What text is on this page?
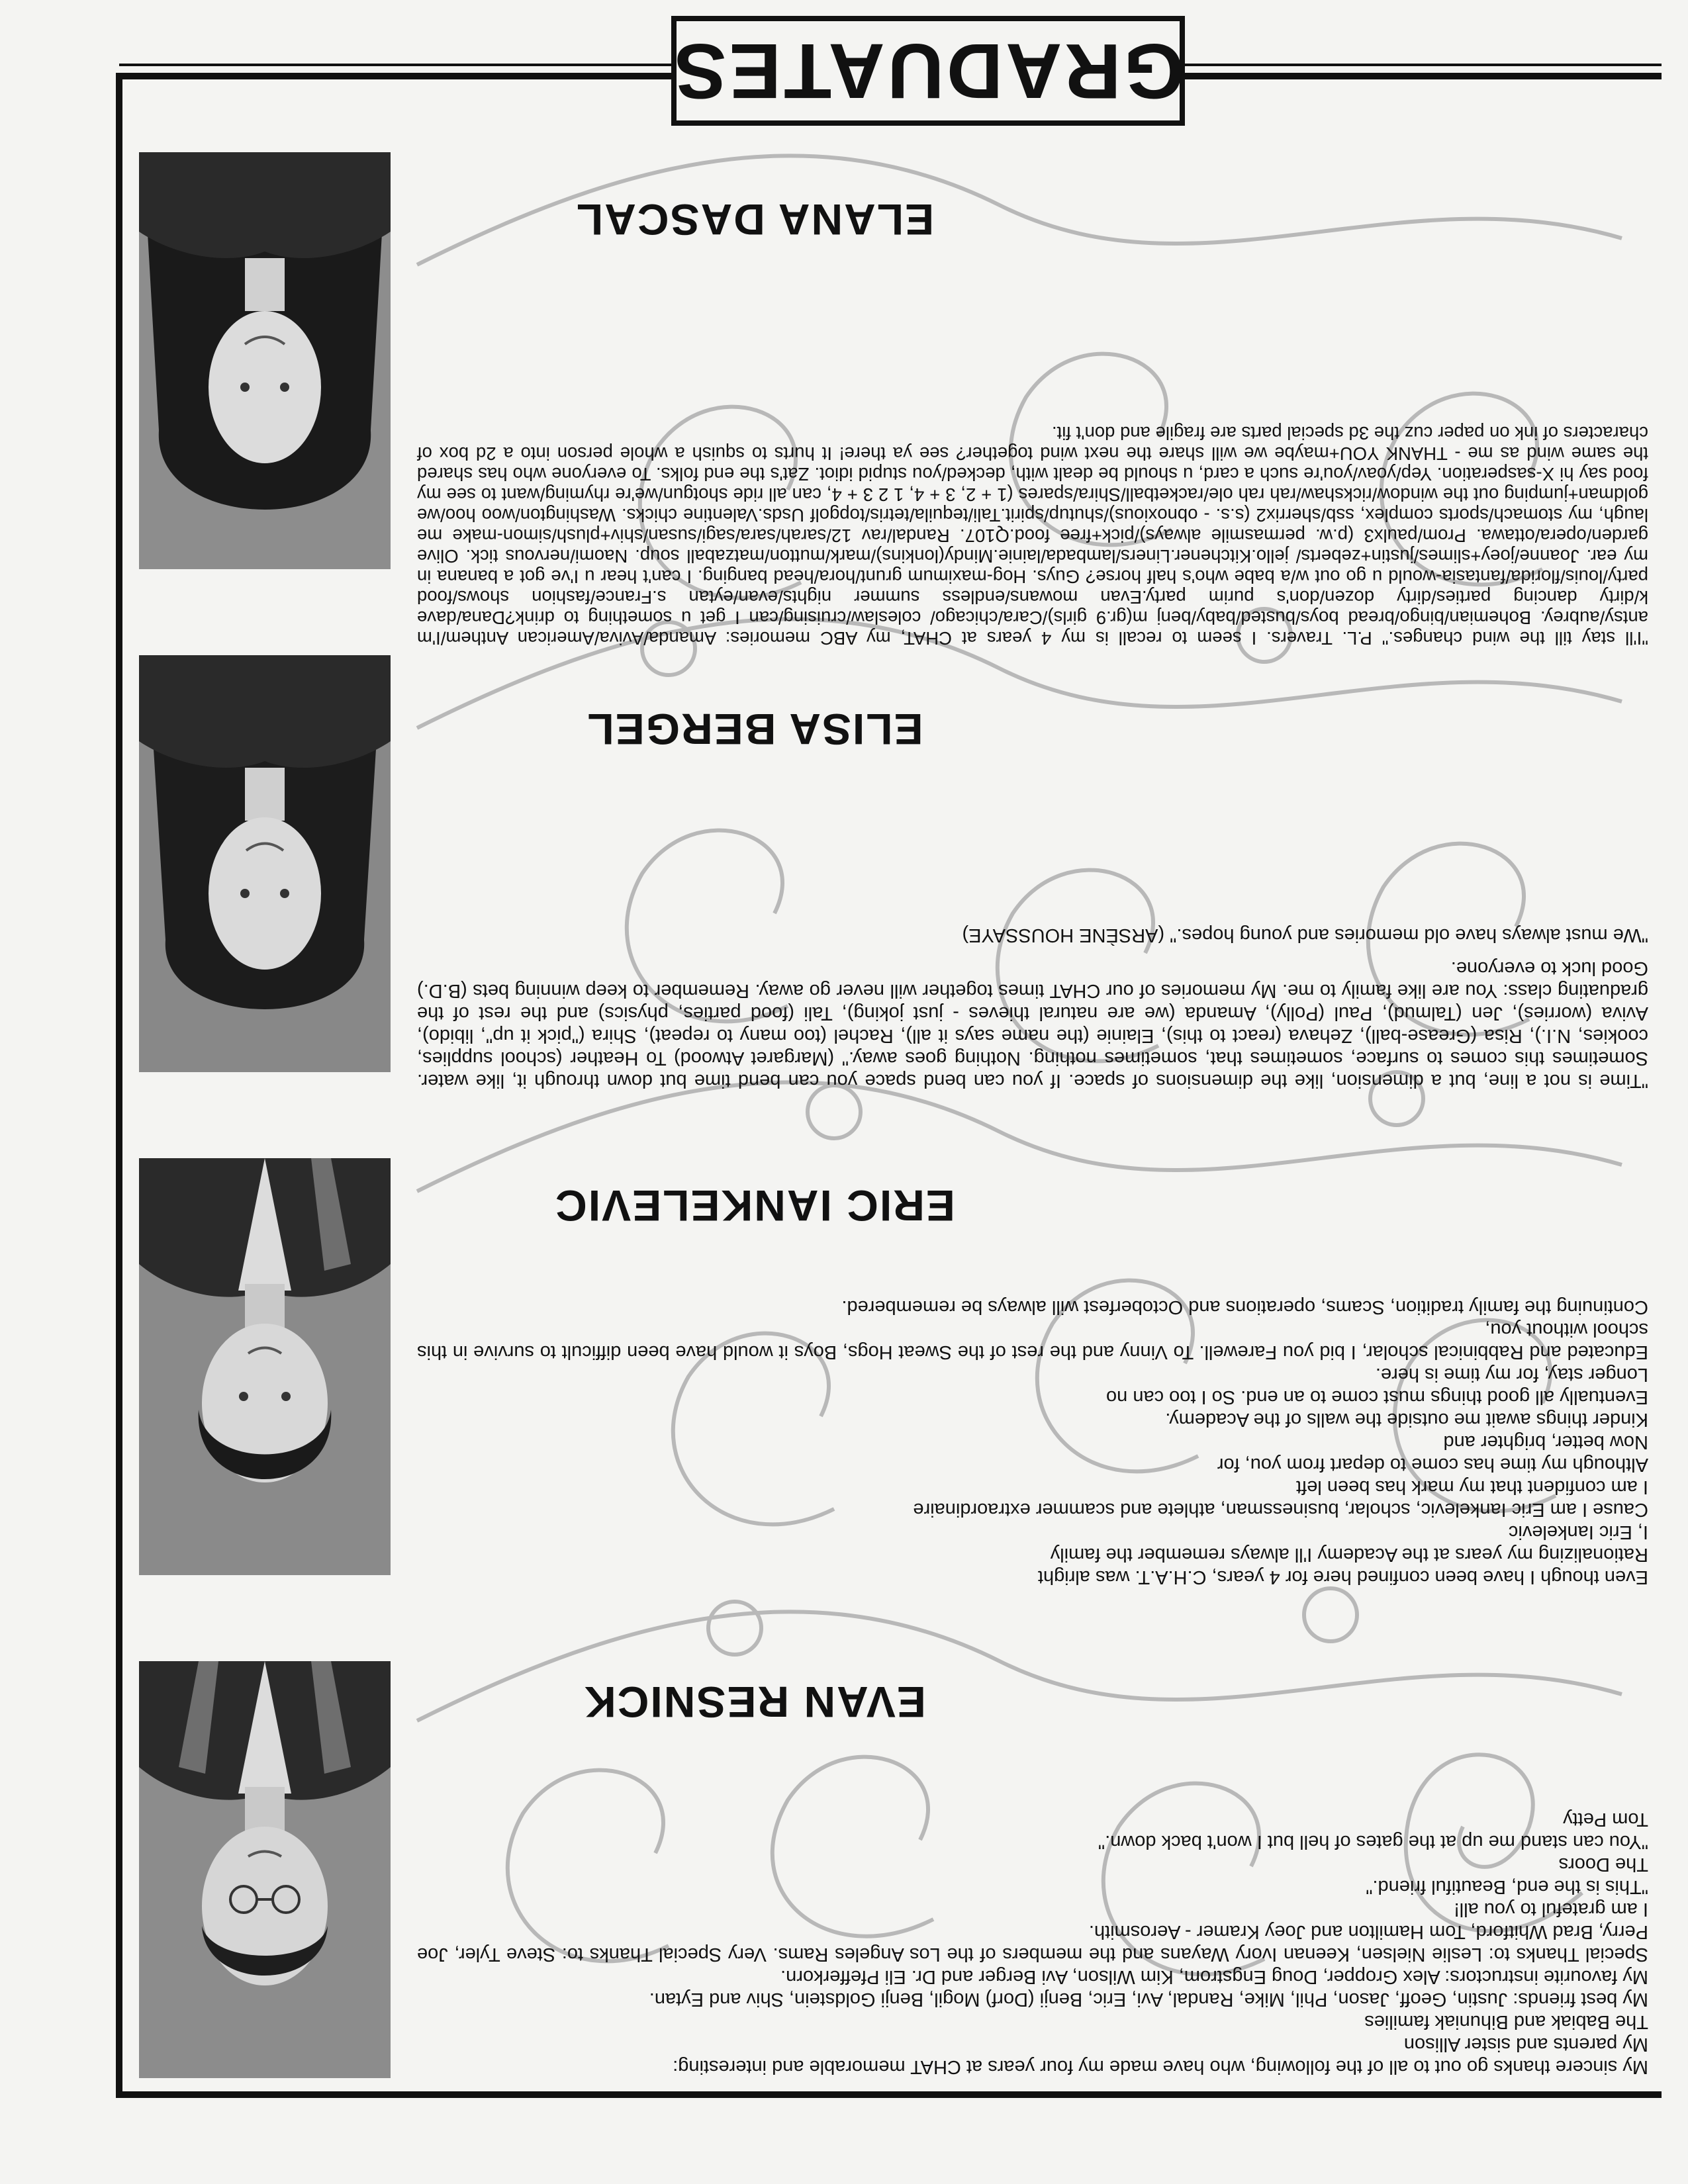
GRADUATES

My sincere thanks go out to all of the following, who have made my four years at CHAT memorable and interesting:

My parents and sister Allison

The Babiak and Bihuniak families

My best friends: Justin, Geoff, Jason, Phil, Mike, Randal, Avi, Eric, Benji (Dorf) Mogil, Benji Goldstein, Shiv and Eytan.

My favourite instructors: Alex Gropper, Doug Engstrom, Kim Wilson, Avi Berger and Dr. Eli Pfefferkorn.

Special Thanks to: Leslie Nielsen, Keenan Ivory Wayans and the members of the Los Angeles Rams. Very Special Thanks to: Steve Tyler, Joe Perry, Brad Whitford, Tom Hamilton and Joey Kramer - Aerosmith.

I am grateful to you all!

"This is the end, Beautiful friend."

The Doors

"You can stand me up at the gates of hell but I won't back down."

Tom Petty

EVAN RESNICK

Even though I have been confined here for 4 years, C.H.A.T. was alright

Rationalizing my years at the Academy I'll always remember the family

I, Eric Iankelevic

Cause I am Eric Iankelevic, scholar, businessman, athlete and scammer extraordinaire

I am confident that my mark has been left

Although my time has come to depart from you, for

Now better, brighter and

Kinder things await me outside the walls of the Academy.

Eventually all good things must come to an end. So I too can no

Longer stay, for my time is here.

Educated and Rabbinical scholar, I bid you Farewell. To Vinny and the rest of the Sweat Hogs, Boys it would have been difficult to survive in this school without you,

Continuing the family tradition, Scams, operations and Octoberfest will always be remembered.

ERIC IANKELEVIC

"Time is not a line, but a dimension, like the dimensions of space. If you can bend space you can bend time but down through it, like water. Sometimes this comes to surface, sometimes that, sometimes nothing. Nothing goes away." (Margaret Atwood) To Heather (school supplies, cookies, N.I.), Risa (Grease-ball), Zehava (react to this), Elainie (the name says it all), Rachel (too many to repeat), Shira ("pick it up", libido), Aviva (worries), Jen (Talmud), Paul (Polly), Amanda (we are natural thieves - just joking), Tali (food parties, physics) and the rest of the graduating class: You are like family to me. My memories of our CHAT times together will never go away. Remember to keep winning bets (B.D.) Good luck to everyone.

"We must always have old memories and young hopes." (ARSÈNE HOUSSAYE)

ELISA BERGEL

"I'll stay till the wind changes." P.L. Travers. I seem to recall is my 4 years at CHAT, my ABC memories: Amanda/Aviva/American Anthem/I'm antsy/aubrey. Bohemian/bingo/bread boys/busted/baby/benj m(gr.9 girls)/Cara/chicago/ coleslaw/cruising/can I get u something to drink?Dana/dave k/dirty dancing parties/dirty dozen/don's purim party.Evan mowans/endless summer nights/evan/eytan s.France/fashion shows/food party/louis/florida/fantasia-would u go out w/a babe who's half horse? Guys. Hog-maximum grunt/hora/head banging. I can't hear u I've got a banana in my ear. Joanne/joey+slimes/justin+zeberts/ jello.Kitchener.Liners/lambada/lainie.Mindy(lonkins)/mark/mutton/matzaball soup. Naomi/nervous tick. Olive garden/opera/ottawa. Prom/paulx3 (p.w. permasmile always)/pick+free food.Q107. Randal/rav 12/sarah/sara/sagi/susan/shiv+plush/simon-make me laugh, my stomach/sports complex, ssb/sherrix2 (s.s. - obnoxious)/shutup/spirit.Tali/tequila/tetris/topgolf Usds.Valentine chicks. Washington/woo hoo/we goldman+jumping out the window/rickshaw/rah rah ole/racketball/Shira/spares (1 + 2, 3 + 4, 1 2 3 + 4, can all ride shotgun/we're rhyming/want to see my food say hi X-sasperation. Yep/yoav/you're such a card, u should be dealt with, decked/you stupid idiot. Zat's the end folks. To everyone who has shared the same wind as me - THANK YOU+maybe we will share the next wind together? see ya there! It hurts to squish a whole person into a 2d box of characters of ink on paper cuz the 3d special parts are fragile and don't fit.

ELANA DASCAL
